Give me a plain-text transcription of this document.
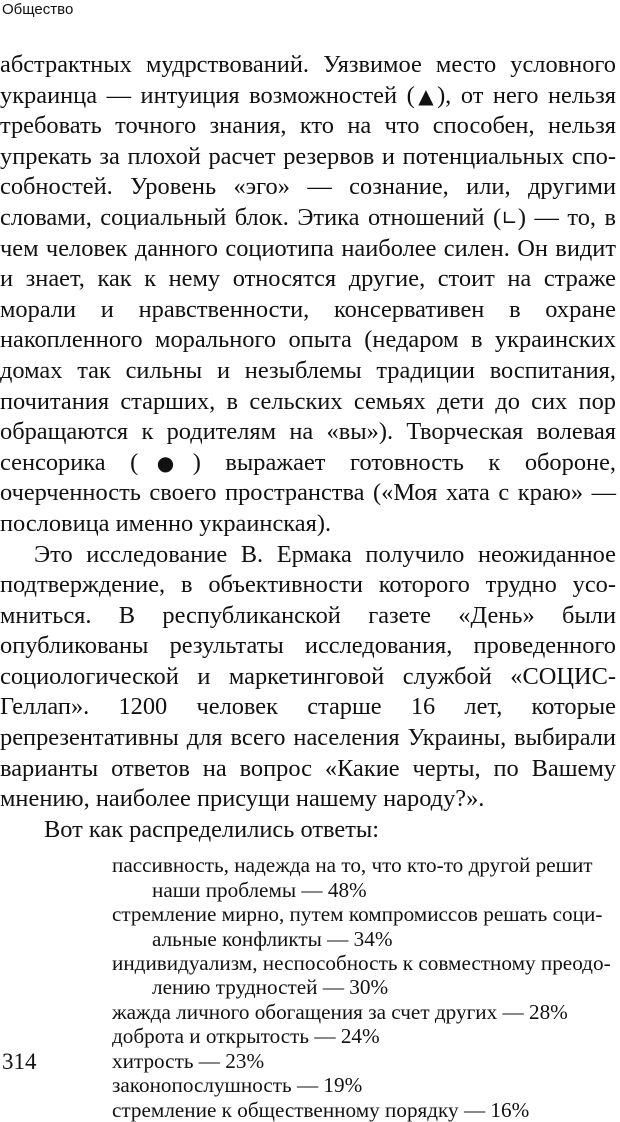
Общество

абстрактных мудрствований. Уязвимое место условного украинца — интуиция возможностей (▲), от него нельзя требовать точного знания, кто на что способен, нельзя упрекать за плохой расчет резервов и потенциальных способностей. Уровень «эго» — сознание, или, другими словами, социальный блок. Этика отношений (∟) — то, в чем человек данного социотипа наиболее силен. Он видит и знает, как к нему относятся другие, стоит на страже морали и нравственности, консервативен в охране накопленного морального опыта (недаром в украинских домах так сильны и незыблемы традиции воспитания, почитания старших, в сельских семьях дети до сих пор обращаются к родителям на «вы»). Творческая волевая сенсорика (●) выражает готовность к обороне, очерченность своего пространства («Моя хата с краю» — пословица именно украинская).

Это исследование В. Ермака получило неожиданное подтверждение, в объективности которого трудно усомниться. В республиканской газете «День» были опубликованы результаты исследования, проведенного социологической и маркетинговой службой «СОЦИС-Геллап». 1200 человек старше 16 лет, которые репрезентативны для всего населения Украины, выбирали варианты ответов на вопрос «Какие черты, по Вашему мнению, наиболее присущи нашему народу?».

Вот как распределились ответы:

пассивность, надежда на то, что кто-то другой решит наши проблемы — 48%
стремление мирно, путем компромиссов решать социальные конфликты — 34%
индивидуализм, неспособность к совместному преодолению трудностей — 30%
жажда личного обогащения за счет других — 28%
доброта и открытость — 24%
хитрость — 23%
законопослушность — 19%
стремление к общественному порядку — 16%
314
